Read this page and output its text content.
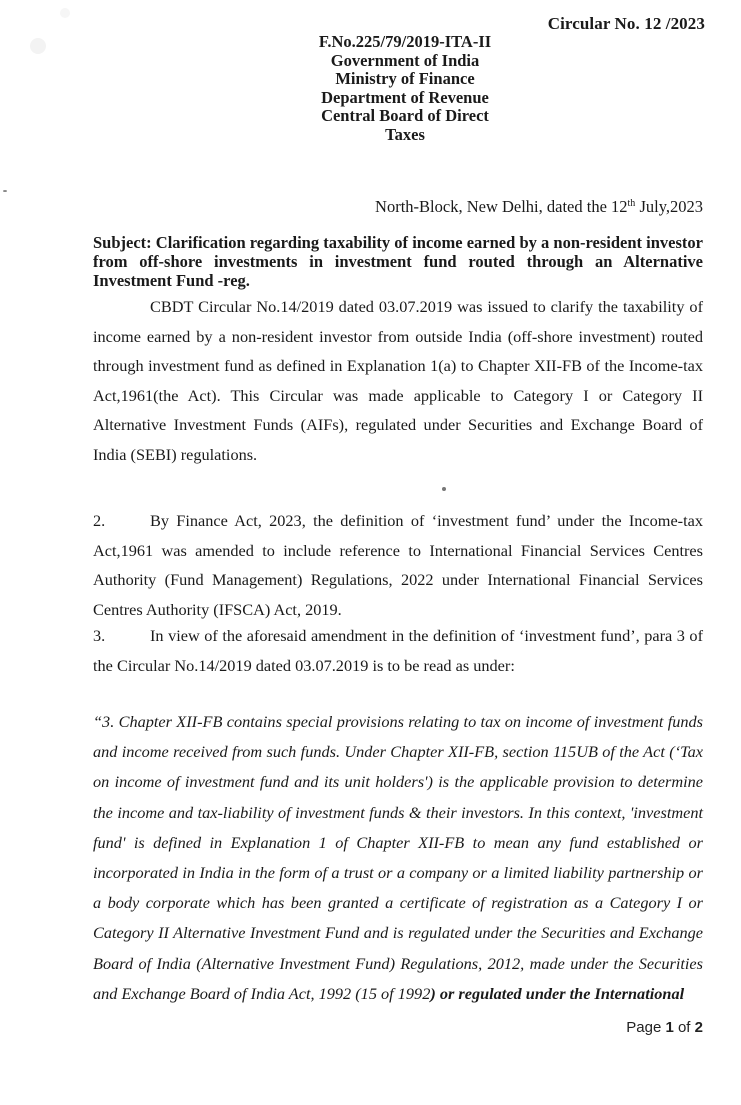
Circular No. 12 /2023
F.No.225/79/2019-ITA-II
Government of India
Ministry of Finance
Department of Revenue
Central Board of Direct Taxes
North-Block, New Delhi, dated the 12th July,2023
Subject: Clarification regarding taxability of income earned by a non-resident investor from off-shore investments in investment fund routed through an Alternative Investment Fund -reg.
CBDT Circular No.14/2019 dated 03.07.2019 was issued to clarify the taxability of income earned by a non-resident investor from outside India (off-shore investment) routed through investment fund as defined in Explanation 1(a) to Chapter XII-FB of the Income-tax Act,1961(the Act). This Circular was made applicable to Category I or Category II Alternative Investment Funds (AIFs), regulated under Securities and Exchange Board of India (SEBI) regulations.
2.	By Finance Act, 2023, the definition of ‘investment fund’ under the Income-tax Act,1961 was amended to include reference to International Financial Services Centres Authority (Fund Management) Regulations, 2022 under International Financial Services Centres Authority (IFSCA) Act, 2019.
3.	In view of the aforesaid amendment in the definition of ‘investment fund’, para 3 of the Circular No.14/2019 dated 03.07.2019 is to be read as under:
“3. Chapter XII-FB contains special provisions relating to tax on income of investment funds and income received from such funds. Under Chapter XII-FB, section 115UB of the Act (‘Tax on income of investment fund and its unit holders') is the applicable provision to determine the income and tax-liability of investment funds & their investors. In this context, 'investment fund' is defined in Explanation 1 of Chapter XII-FB to mean any fund established or incorporated in India in the form of a trust or a company or a limited liability partnership or a body corporate which has been granted a certificate of registration as a Category I or Category II Alternative Investment Fund and is regulated under the Securities and Exchange Board of India (Alternative Investment Fund) Regulations, 2012, made under the Securities and Exchange Board of India Act, 1992 (15 of 1992) or regulated under the International
Page 1 of 2
